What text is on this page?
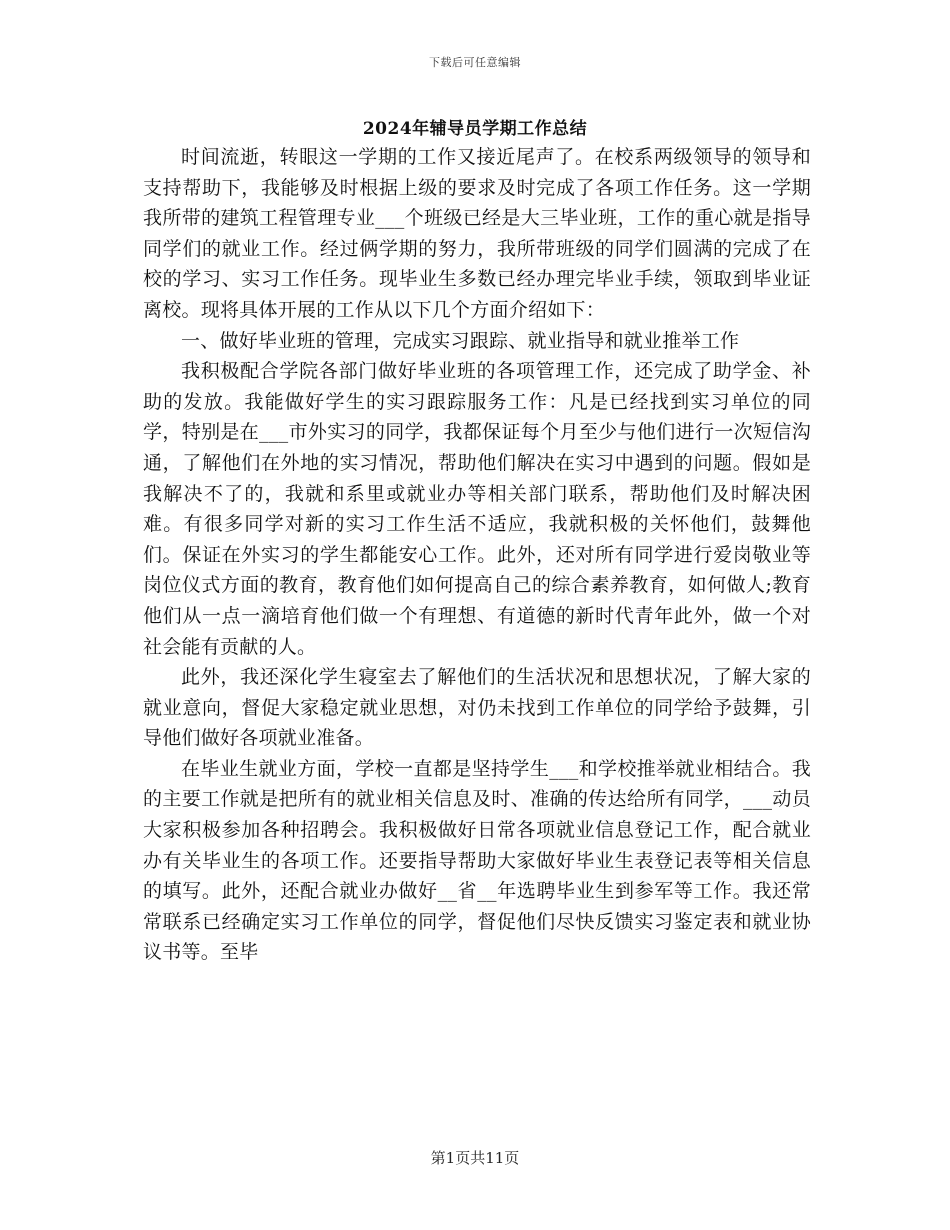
下载后可任意编辑
2024年辅导员学期工作总结

时间流逝，转眼这一学期的工作又接近尾声了。在校系两级领导的领导和支持帮助下，我能够及时根据上级的要求及时完成了各项工作任务。这一学期我所带的建筑工程管理专业___个班级已经是大三毕业班，工作的重心就是指导同学们的就业工作。经过俩学期的努力，我所带班级的同学们圆满的完成了在校的学习、实习工作任务。现毕业生多数已经办理完毕业手续，领取到毕业证离校。现将具体开展的工作从以下几个方面介绍如下：

一、做好毕业班的管理，完成实习跟踪、就业指导和就业推举工作

我积极配合学院各部门做好毕业班的各项管理工作，还完成了助学金、补助的发放。我能做好学生的实习跟踪服务工作：凡是已经找到实习单位的同学，特别是在___市外实习的同学，我都保证每个月至少与他们进行一次短信沟通，了解他们在外地的实习情况，帮助他们解决在实习中遇到的问题。假如是我解决不了的，我就和系里或就业办等相关部门联系，帮助他们及时解决困难。有很多同学对新的实习工作生活不适应，我就积极的关怀他们，鼓舞他们。保证在外实习的学生都能安心工作。此外，还对所有同学进行爱岗敬业等岗位仪式方面的教育，教育他们如何提高自己的综合素养教育，如何做人;教育他们从一点一滴培育他们做一个有理想、有道德的新时代青年此外，做一个对社会能有贡献的人。

此外，我还深化学生寝室去了解他们的生活状况和思想状况，了解大家的就业意向，督促大家稳定就业思想，对仍未找到工作单位的同学给予鼓舞，引导他们做好各项就业准备。

在毕业生就业方面，学校一直都是坚持学生___和学校推举就业相结合。我的主要工作就是把所有的就业相关信息及时、准确的传达给所有同学，___动员大家积极参加各种招聘会。我积极做好日常各项就业信息登记工作，配合就业办有关毕业生的各项工作。还要指导帮助大家做好毕业生表登记表等相关信息的填写。此外，还配合就业办做好__省__年选聘毕业生到参军等工作。我还常常联系已经确定实习工作单位的同学，督促他们尽快反馈实习鉴定表和就业协议书等。至毕

第1页共11页
